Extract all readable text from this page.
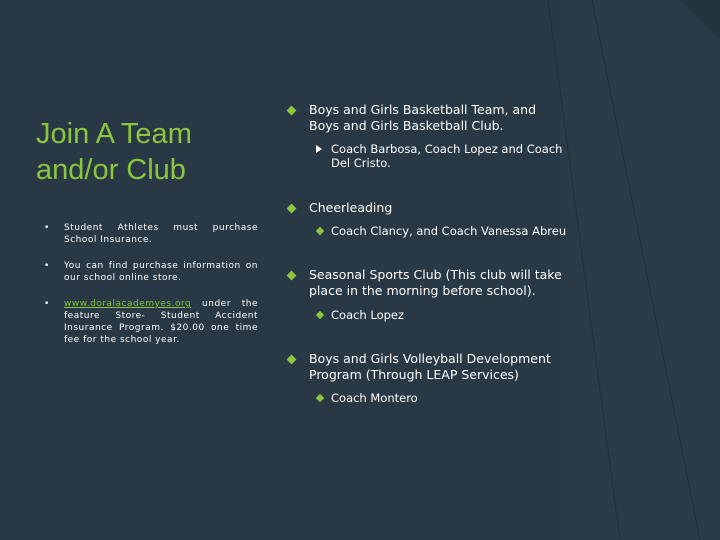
Join A Team and/or Club
• Student Athletes must purchase School Insurance.
• You can find purchase information on our school online store.
• www.doralacademyes.org under the feature Store- Student Accident Insurance Program. $20.00 one time fee for the school year.
Boys and Girls Basketball Team, and Boys and Girls Basketball Club.
Coach Barbosa, Coach Lopez and Coach Del Cristo.
Cheerleading
Coach Clancy, and Coach Vanessa Abreu
Seasonal Sports Club (This club will take place in the morning before school).
Coach Lopez
Boys and Girls Volleyball Development Program (Through LEAP Services)
Coach Montero
